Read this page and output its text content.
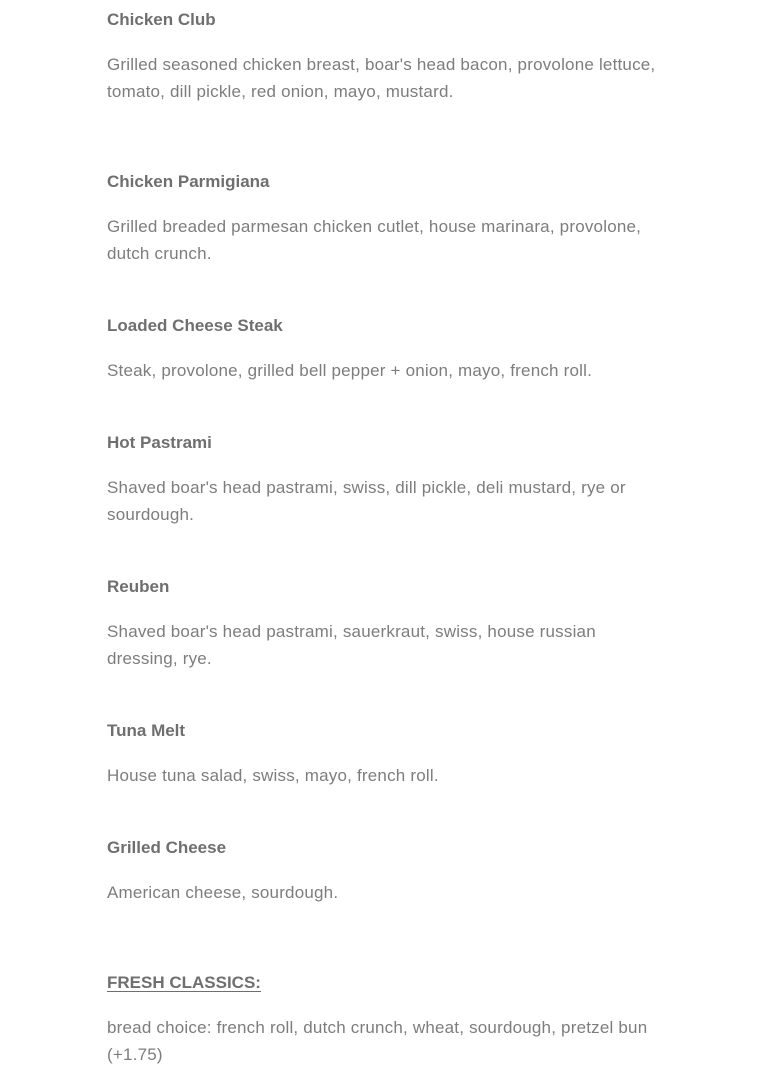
Chicken Club
Grilled seasoned chicken breast, boar's head bacon, provolone lettuce, tomato, dill pickle, red onion, mayo, mustard.
Chicken Parmigiana
Grilled breaded parmesan chicken cutlet, house marinara, provolone, dutch crunch.
Loaded Cheese Steak
Steak, provolone, grilled bell pepper + onion, mayo, french roll.
Hot Pastrami
Shaved boar's head pastrami, swiss, dill pickle, deli mustard, rye or sourdough.
Reuben
Shaved boar's head pastrami, sauerkraut, swiss, house russian dressing, rye.
Tuna Melt
House tuna salad, swiss, mayo, french roll.
Grilled Cheese
American cheese, sourdough.
FRESH CLASSICS:
bread choice: french roll, dutch crunch, wheat, sourdough, pretzel bun (+1.75)
